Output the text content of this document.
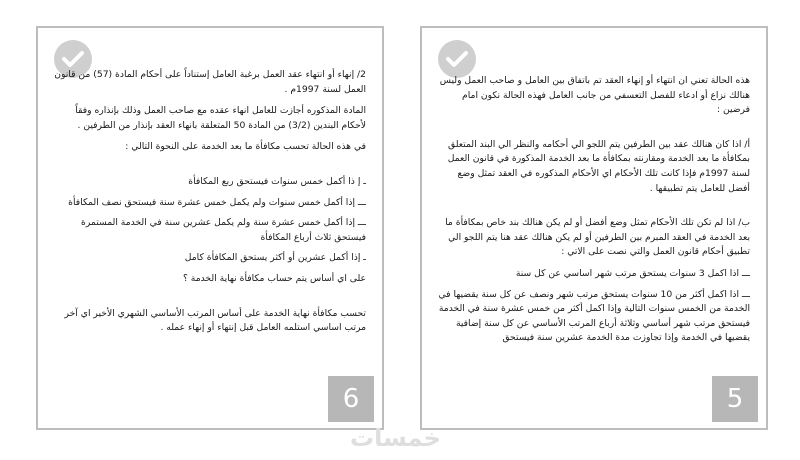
2/ إنهاء أو انتهاء عقد العمل برغبة العامل إستناداً على أحكام المادة (57) من قانون العمل لسنة 1997م .

المادة المذكوره أجازت للعامل انهاء عقده مع صاحب العمل وذلك بإنذاره وفقاً لأحكام البندين (3/2) من المادة 50 المتعلقة بانهاء العقد بإنذار من الطرفين .

في هذه الحالة تحسب مكافأة ما بعد الخدمة على النحوة التالي :

ـ إ ذا أكمل خمس سنوات فيستحق ربع المكافأة

ـــ إذا أكمل خمس سنوات ولم يكمل خمس عشرة سنة فيستحق نصف المكافأة

ـــ إذا أكمل خمس عشرة سنة ولم يكمل عشرين سنة في الخدمة المستمرة فيستحق ثلاث أرباع المكافأة

ـ إذا أكمل عشرين أو أكثر يستحق المكافأة كامل

على اي أساس يتم حساب مكافأة نهاية الخدمة ؟

تحسب مكافأة نهاية الخدمة على أساس المرتب الأساسي الشهري الأخير اي آخر مرتب اساسي استلمه العامل قبل إنتهاء أو إنهاء عمله .

6

هذه الحالة تعني ان انتهاء أو إنهاء العقد تم باتفاق بين العامل و صاحب العمل وليس هنالك نزاع أو ادعاء للفصل التعسفي من جانب العامل فهذه الحالة نكون امام فرضين :

أ/ اذا كان هنالك عقد بين الطرفين يتم اللجو الي أحكامه والنظر الي البند المتعلق بمكافأة ما بعد الخدمة ومقارنته بمكافأة ما بعد الخدمة المذكورة في قانون العمل لسنة 1997م فإذا كانت تلك الأحكام اي الأحكام المذكوره في العقد تمثل وضع أفضل للعامل يتم تطبيقها .

ب/ اذا لم تكن تلك الأحكام تمثل وضع أفضل أو لم يكن هنالك بند خاص بمكافأة ما بعد الخدمة في العقد المبرم بين الطرفين أو لم يكن هنالك عقد هنا يتم اللجو الي تطبيق أحكام قانون العمل والتي نصت على الاتي :

ـــ اذا اكمل 3 سنوات يستحق مرتب شهر اساسي عن كل سنة

ـــ اذا اكمل أكثر من 10 سنوات يستحق مرتب شهر ونصف عن كل سنة يقضيها في الخدمة من الخمس سنوات التالية وإذا اكمل أكثر من خمس عشرة سنة في الخدمة فيستحق مرتب شهر أساسي وثلاثة أرباع المرتب الأساسي عن كل سنة إضافية يقضيها في الخدمة وإذا تجاوزت مدة الخدمة عشرين سنة فيستحق

5
خمسات
